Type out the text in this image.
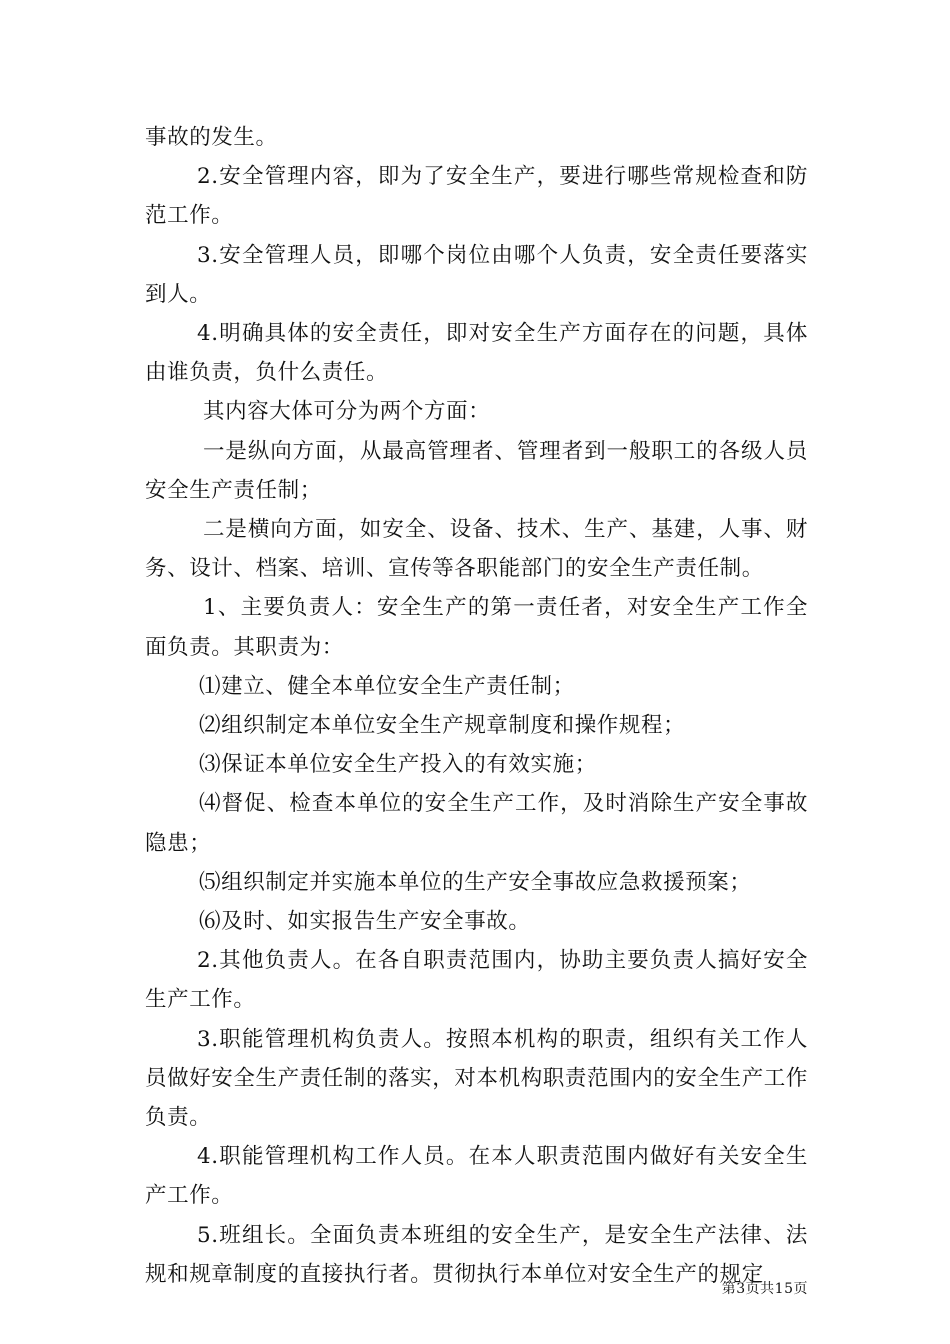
事故的发生。

2.安全管理内容，即为了安全生产，要进行哪些常规检查和防范工作。

3.安全管理人员，即哪个岗位由哪个人负责，安全责任要落实到人。

4.明确具体的安全责任，即对安全生产方面存在的问题，具体由谁负责，负什么责任。

其内容大体可分为两个方面：

一是纵向方面，从最高管理者、管理者到一般职工的各级人员安全生产责任制；

二是横向方面，如安全、设备、技术、生产、基建，人事、财务、设计、档案、培训、宣传等各职能部门的安全生产责任制。

1、主要负责人：安全生产的第一责任者，对安全生产工作全面负责。其职责为：

⑴建立、健全本单位安全生产责任制；

⑵组织制定本单位安全生产规章制度和操作规程；

⑶保证本单位安全生产投入的有效实施；

⑷督促、检查本单位的安全生产工作，及时消除生产安全事故隐患；

⑸组织制定并实施本单位的生产安全事故应急救援预案；

⑹及时、如实报告生产安全事故。

2.其他负责人。在各自职责范围内，协助主要负责人搞好安全生产工作。

3.职能管理机构负责人。按照本机构的职责，组织有关工作人员做好安全生产责任制的落实，对本机构职责范围内的安全生产工作负责。

4.职能管理机构工作人员。在本人职责范围内做好有关安全生产工作。

5.班组长。全面负责本班组的安全生产，是安全生产法律、法规和规章制度的直接执行者。贯彻执行本单位对安全生产的规定

第3页共15页
